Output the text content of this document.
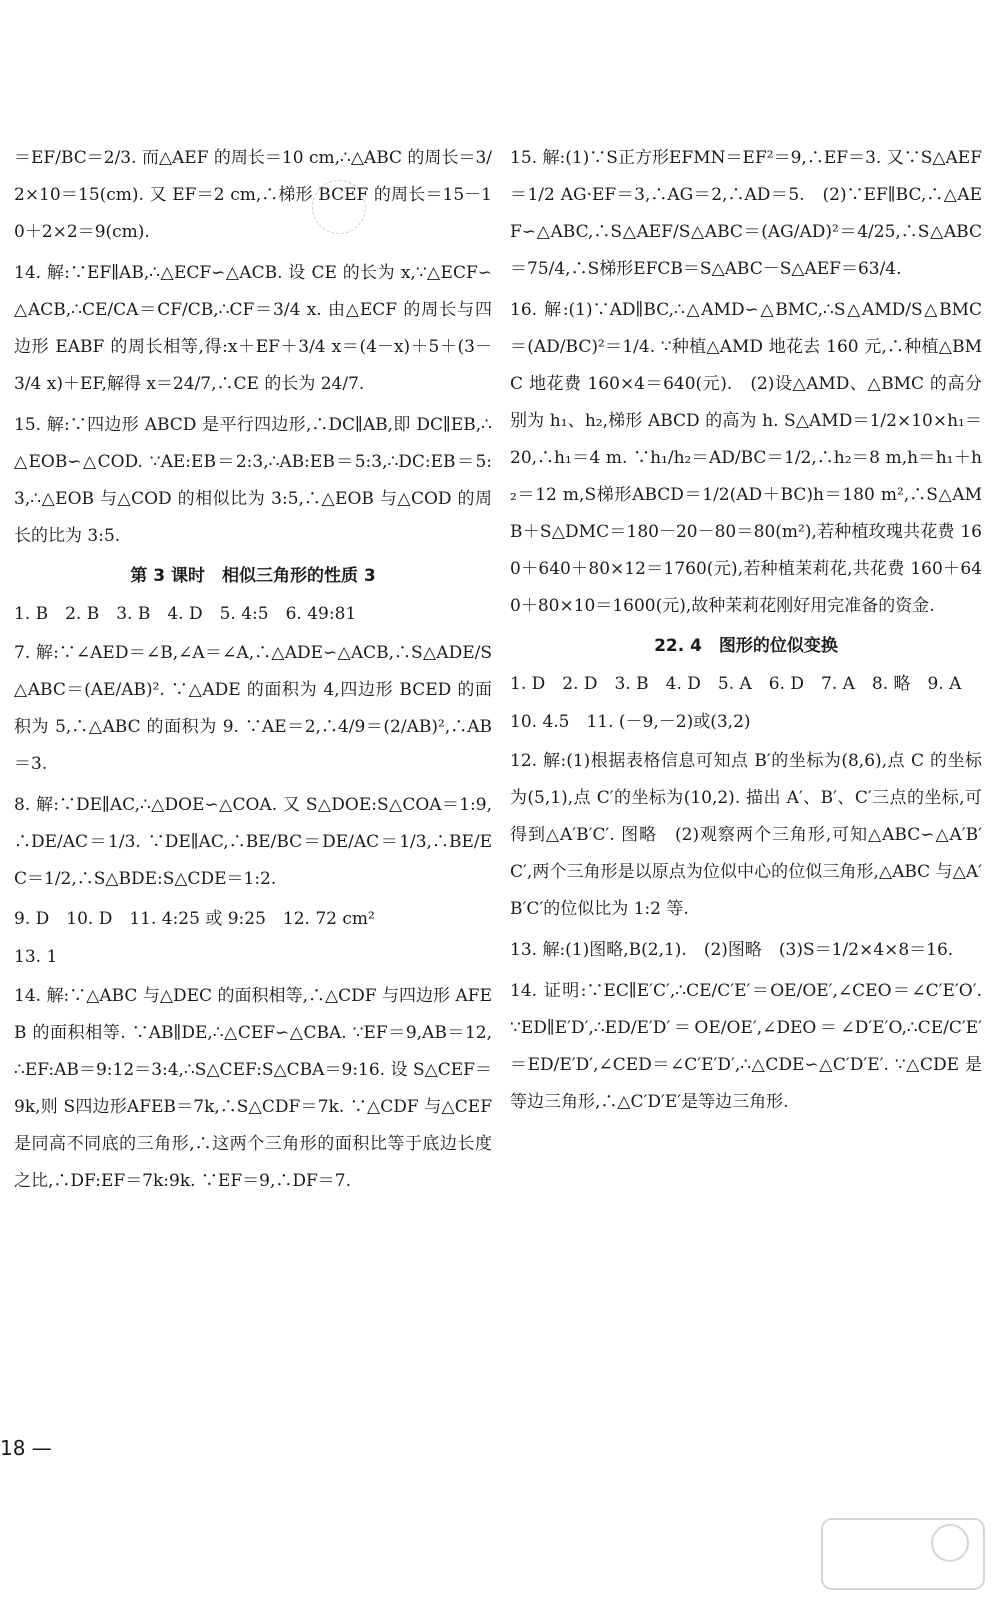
＝EF/BC＝2/3. 而△AEF 的周长＝10 cm,∴△ABC 的周长＝3/2×10＝15(cm). 又 EF＝2 cm,∴梯形 BCEF 的周长＝15－10＋2×2＝9(cm).

14. 解:∵EF∥AB,∴△ECF∽△ACB. 设 CE 的长为 x,∵△ECF∽△ACB,∴CE/CA＝CF/CB,∴CF＝3/4 x. 由△ECF 的周长与四边形 EABF 的周长相等,得:x＋EF＋3/4 x＝(4－x)＋5＋(3－3/4 x)＋EF,解得 x＝24/7,∴CE 的长为 24/7.

15. 解:∵四边形 ABCD 是平行四边形,∴DC∥AB,即 DC∥EB,∴△EOB∽△COD. ∵AE:EB＝2:3,∴AB:EB＝5:3,∴DC:EB＝5:3,∴△EOB 与△COD 的相似比为 3:5,∴△EOB 与△COD 的周长的比为 3:5.

第 3 课时　相似三角形的性质 3

1. B　2. B　3. B　4. D　5. 4:5　6. 49:81

7. 解:∵∠AED＝∠B,∠A＝∠A,∴△ADE∽△ACB,∴S△ADE/S△ABC＝(AE/AB)². ∵△ADE 的面积为 4,四边形 BCED 的面积为 5,∴△ABC 的面积为 9. ∵AE＝2,∴4/9＝(2/AB)²,∴AB＝3.

8. 解:∵DE∥AC,∴△DOE∽△COA. 又 S△DOE:S△COA＝1:9,∴DE/AC＝1/3. ∵DE∥AC,∴BE/BC＝DE/AC＝1/3,∴BE/EC＝1/2,∴S△BDE:S△CDE＝1:2.

9. D　10. D　11. 4:25 或 9:25　12. 72 cm²

13. 1

14. 解:∵△ABC 与△DEC 的面积相等,∴△CDF 与四边形 AFEB 的面积相等. ∵AB∥DE,∴△CEF∽△CBA. ∵EF＝9,AB＝12,∴EF:AB＝9:12＝3:4,∴S△CEF:S△CBA＝9:16. 设 S△CEF＝9k,则 S四边形AFEB＝7k,∴S△CDF＝7k. ∵△CDF 与△CEF 是同高不同底的三角形,∴这两个三角形的面积比等于底边长度之比,∴DF:EF＝7k:9k. ∵EF＝9,∴DF＝7.

15. 解:(1)∵S正方形EFMN＝EF²＝9,∴EF＝3. 又∵S△AEF＝1/2 AG·EF＝3,∴AG＝2,∴AD＝5.　(2)∵EF∥BC,∴△AEF∽△ABC,∴S△AEF/S△ABC＝(AG/AD)²＝4/25,∴S△ABC＝75/4,∴S梯形EFCB＝S△ABC－S△AEF＝63/4.

16. 解:(1)∵AD∥BC,∴△AMD∽△BMC,∴S△AMD/S△BMC＝(AD/BC)²＝1/4. ∵种植△AMD 地花去 160 元,∴种植△BMC 地花费 160×4＝640(元).　(2)设△AMD、△BMC 的高分别为 h₁、h₂,梯形 ABCD 的高为 h. S△AMD＝1/2×10×h₁＝20,∴h₁＝4 m. ∵h₁/h₂＝AD/BC＝1/2,∴h₂＝8 m,h＝h₁＋h₂＝12 m,S梯形ABCD＝1/2(AD＋BC)h＝180 m²,∴S△AMB＋S△DMC＝180－20－80＝80(m²),若种植玫瑰共花费 160＋640＋80×12＝1760(元),若种植茉莉花,共花费 160＋640＋80×10＝1600(元),故种茉莉花刚好用完准备的资金.

22. 4　图形的位似变换

1. D　2. D　3. B　4. D　5. A　6. D　7. A　8. 略　9. A

10. 4.5　11. (－9,－2)或(3,2)

12. 解:(1)根据表格信息可知点 B′的坐标为(8,6),点 C 的坐标为(5,1),点 C′的坐标为(10,2). 描出 A′、B′、C′三点的坐标,可得到△A′B′C′. 图略　(2)观察两个三角形,可知△ABC∽△A′B′C′,两个三角形是以原点为位似中心的位似三角形,△ABC 与△A′B′C′的位似比为 1:2 等.

13. 解:(1)图略,B(2,1).　(2)图略　(3)S＝1/2×4×8＝16.

14. 证明:∵EC∥E′C′,∴CE/C′E′＝OE/OE′,∠CEO＝∠C′E′O′. ∵ED∥E′D′,∴ED/E′D′＝OE/OE′,∠DEO＝∠D′E′O,∴CE/C′E′＝ED/E′D′,∠CED＝∠C′E′D′,∴△CDE∽△C′D′E′. ∵△CDE 是等边三角形,∴△C′D′E′是等边三角形.

18 —
